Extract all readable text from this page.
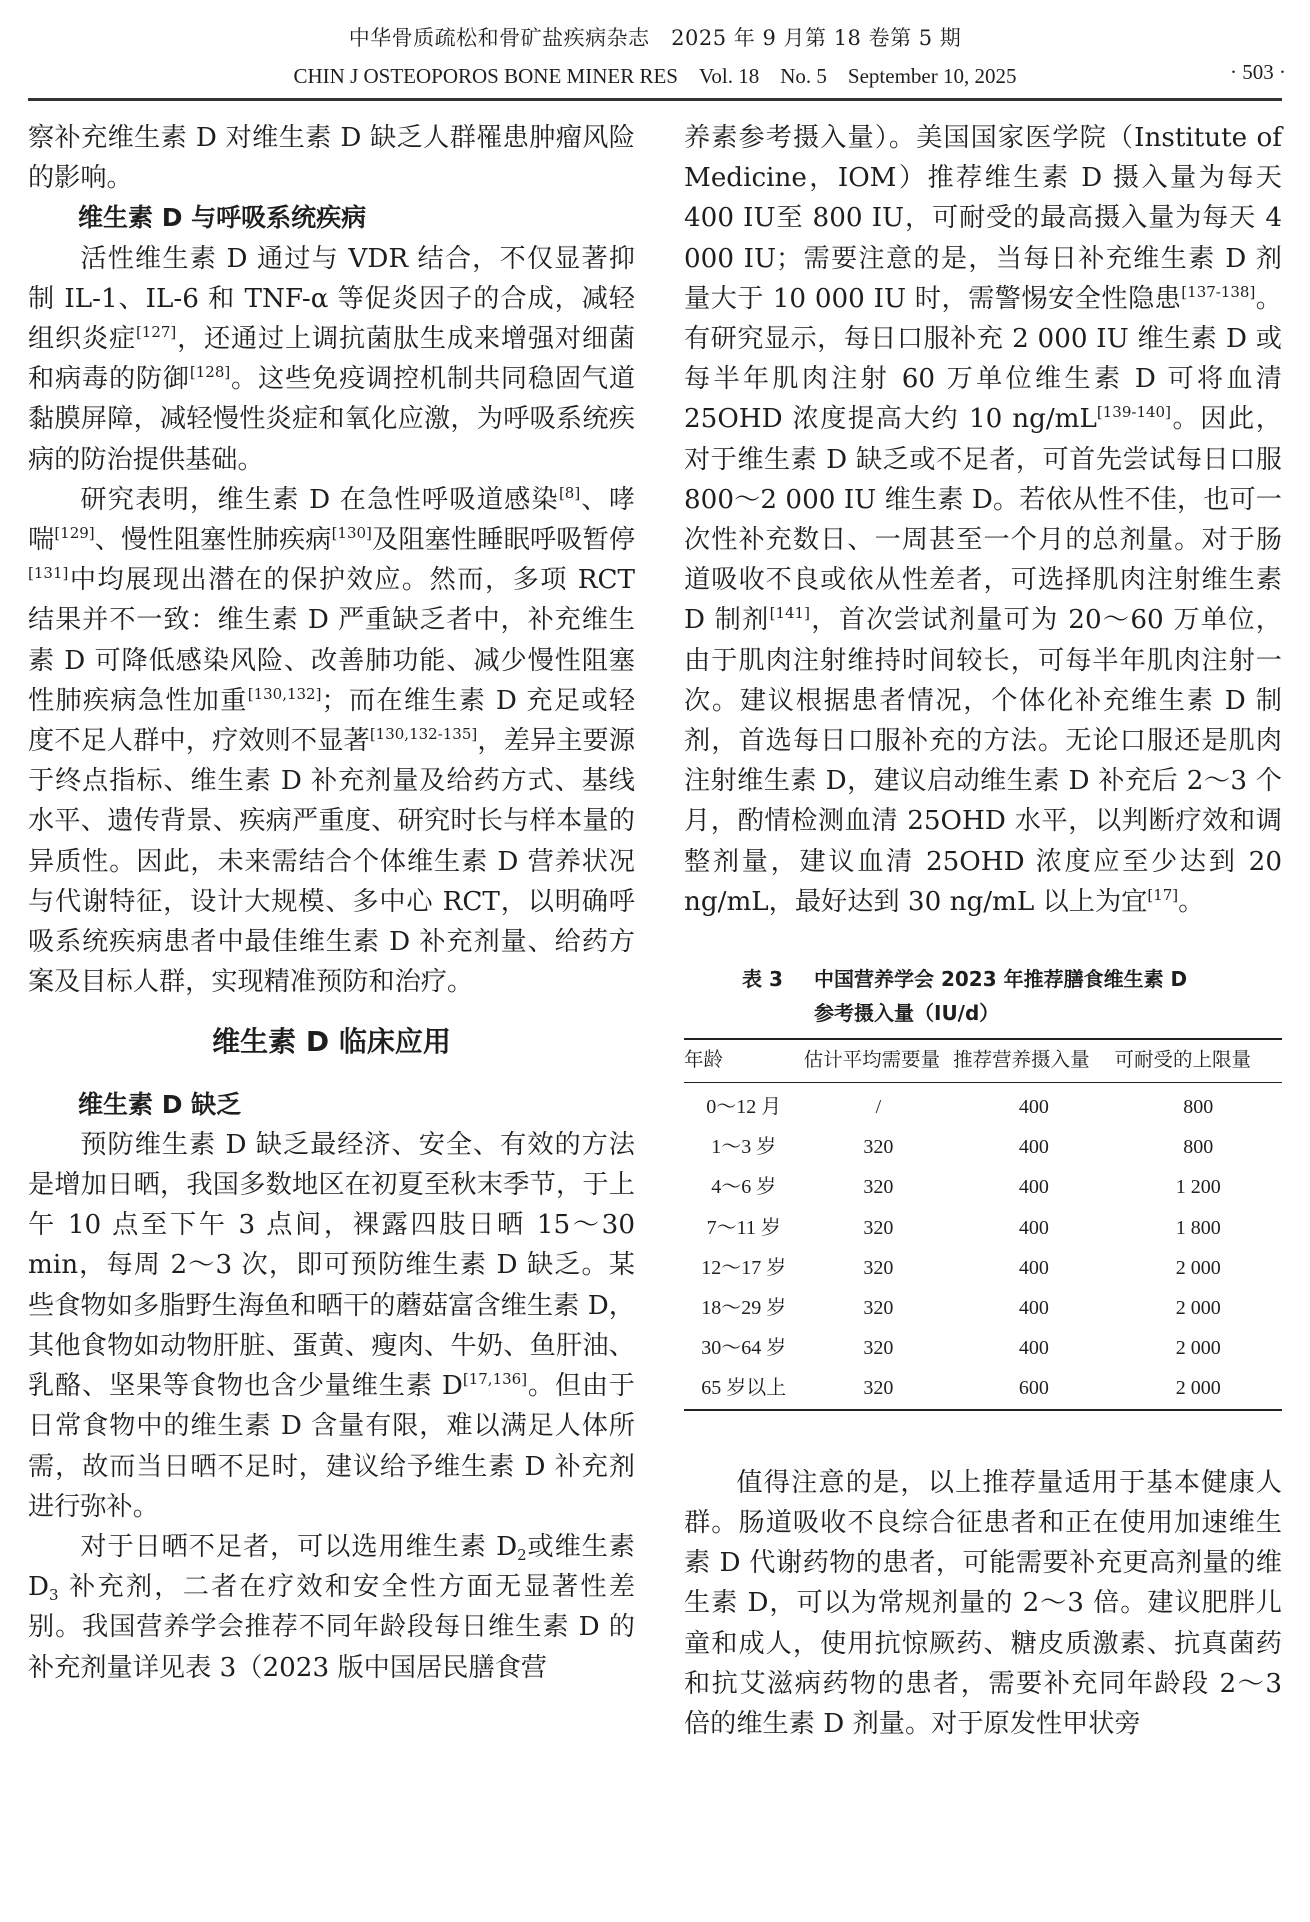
中华骨质疏松和骨矿盐疾病杂志　2025 年 9 月第 18 卷第 5 期
CHIN J OSTEOPOROS BONE MINER RES　Vol. 18　No. 5　September 10, 2025	· 503 ·

察补充维生素 D 对维生素 D 缺乏人群罹患肿瘤风险的影响。

维生素 D 与呼吸系统疾病

活性维生素 D 通过与 VDR 结合，不仅显著抑制 IL-1、IL-6 和 TNF-α 等促炎因子的合成，减轻组织炎症[127]，还通过上调抗菌肽生成来增强对细菌和病毒的防御[128]。这些免疫调控机制共同稳固气道黏膜屏障，减轻慢性炎症和氧化应激，为呼吸系统疾病的防治提供基础。

研究表明，维生素 D 在急性呼吸道感染[8]、哮喘[129]、慢性阻塞性肺疾病[130]及阻塞性睡眠呼吸暂停[131]中均展现出潜在的保护效应。然而，多项 RCT 结果并不一致：维生素 D 严重缺乏者中，补充维生素 D 可降低感染风险、改善肺功能、减少慢性阻塞性肺疾病急性加重[130,132]；而在维生素 D 充足或轻度不足人群中，疗效则不显著[130,132-135]，差异主要源于终点指标、维生素 D 补充剂量及给药方式、基线水平、遗传背景、疾病严重度、研究时长与样本量的异质性。因此，未来需结合个体维生素 D 营养状况与代谢特征，设计大规模、多中心 RCT，以明确呼吸系统疾病患者中最佳维生素 D 补充剂量、给药方案及目标人群，实现精准预防和治疗。

维生素 D 临床应用

维生素 D 缺乏

预防维生素 D 缺乏最经济、安全、有效的方法是增加日晒，我国多数地区在初夏至秋末季节，于上午 10 点至下午 3 点间，裸露四肢日晒 15～30 min，每周 2～3 次，即可预防维生素 D 缺乏。某些食物如多脂野生海鱼和晒干的蘑菇富含维生素 D，其他食物如动物肝脏、蛋黄、瘦肉、牛奶、鱼肝油、乳酪、坚果等食物也含少量维生素 D[17,136]。但由于日常食物中的维生素 D 含量有限，难以满足人体所需，故而当日晒不足时，建议给予维生素 D 补充剂进行弥补。

对于日晒不足者，可以选用维生素 $D_2$或维生素 $D_3$ 补充剂，二者在疗效和安全性方面无显著性差别。我国营养学会推荐不同年龄段每日维生素 D 的补充剂量详见表 3（2023 版中国居民膳食营

养素参考摄入量）。美国国家医学院（Institute of Medicine，IOM）推荐维生素 D 摄入量为每天 400 IU至 800 IU，可耐受的最高摄入量为每天 4 000 IU；需要注意的是，当每日补充维生素 D 剂量大于 10 000 IU 时，需警惕安全性隐患[137-138]。有研究显示，每日口服补充 2 000 IU 维生素 D 或每半年肌肉注射 60 万单位维生素 D 可将血清 25OHD 浓度提高大约 10 ng/mL[139-140]。因此，对于维生素 D 缺乏或不足者，可首先尝试每日口服 800～2 000 IU 维生素 D。若依从性不佳，也可一次性补充数日、一周甚至一个月的总剂量。对于肠道吸收不良或依从性差者，可选择肌肉注射维生素 D 制剂[141]，首次尝试剂量可为 20～60 万单位，由于肌肉注射维持时间较长，可每半年肌肉注射一次。建议根据患者情况，个体化补充维生素 D 制剂，首选每日口服补充的方法。无论口服还是肌肉注射维生素 D，建议启动维生素 D 补充后 2～3 个月，酌情检测血清 25OHD 水平，以判断疗效和调整剂量，建议血清 25OHD 浓度应至少达到 20 ng/mL，最好达到 30 ng/mL 以上为宜[17]。

表 3 中国营养学会 2023 年推荐膳食维生素 D
参考摄入量（IU/d）
年龄	估计平均需要量	推荐营养摄入量	可耐受的上限量
0～12 月	/	400	800
1～3 岁	320	400	800
4～6 岁	320	400	1 200
7～11 岁	320	400	1 800
12～17 岁	320	400	2 000
18～29 岁	320	400	2 000
30～64 岁	320	400	2 000
65 岁以上	320	600	2 000

值得注意的是，以上推荐量适用于基本健康人群。肠道吸收不良综合征患者和正在使用加速维生素 D 代谢药物的患者，可能需要补充更高剂量的维生素 D，可以为常规剂量的 2～3 倍。建议肥胖儿童和成人，使用抗惊厥药、糖皮质激素、抗真菌药和抗艾滋病药物的患者，需要补充同年龄段 2～3 倍的维生素 D 剂量。对于原发性甲状旁
